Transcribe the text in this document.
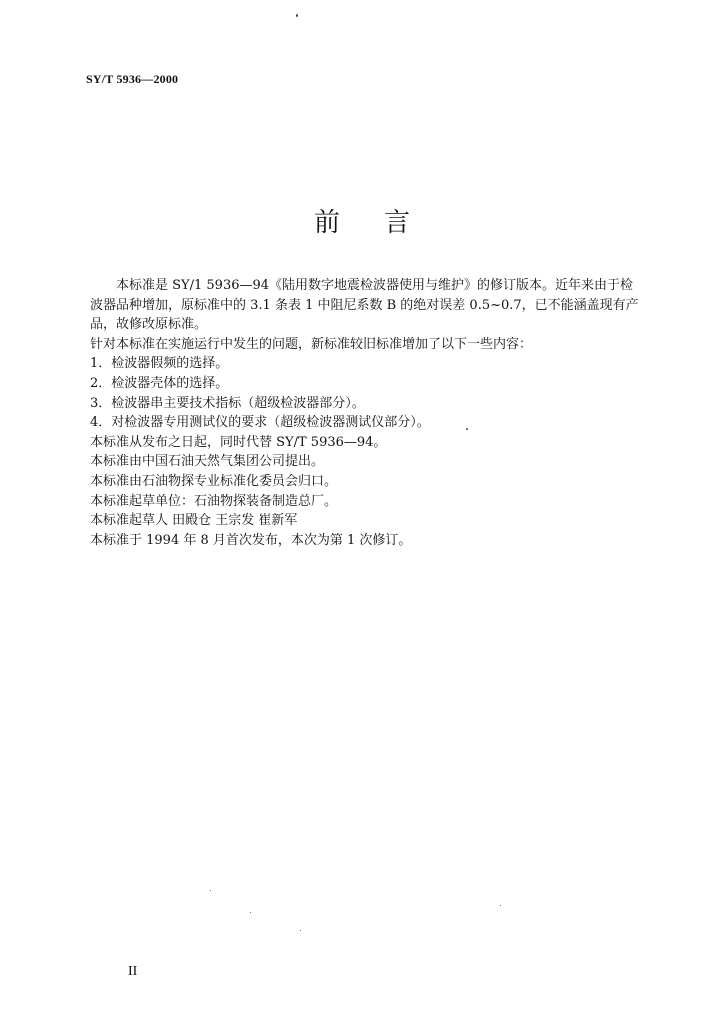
SY/T 5936—2000
前言

本标准是 SY/1 5936—94《陆用数字地震检波器使用与维护》的修订版本。近年来由于检波器品种增加，原标准中的 3.1 条表 1 中阻尼系数 B 的绝对误差 0.5~0.7，已不能涵盖现有产品，故修改原标准。

针对本标准在实施运行中发生的问题，新标准较旧标准增加了以下一些内容：

1．检波器假频的选择。

2．检波器壳体的选择。

3．检波器串主要技术指标（超级检波器部分）。

4．对检波器专用测试仪的要求（超级检波器测试仪部分）。

本标准从发布之日起，同时代替 SY/T 5936—94。

本标准由中国石油天然气集团公司提出。

本标准由石油物探专业标准化委员会归口。

本标准起草单位：石油物探装备制造总厂。

本标准起草人 田殿仓 王宗发 崔新军

本标准于 1994 年 8 月首次发布，本次为第 1 次修订。

II
